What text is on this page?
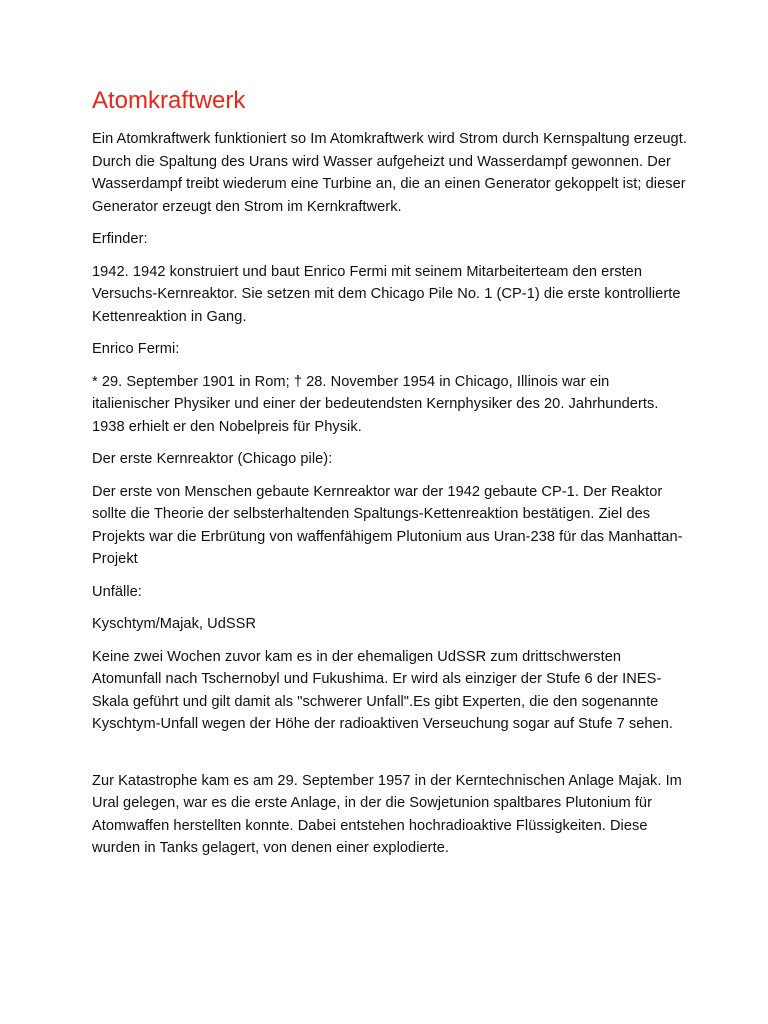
Atomkraftwerk

Ein Atomkraftwerk funktioniert so Im Atomkraftwerk wird Strom durch Kernspaltung erzeugt. Durch die Spaltung des Urans wird Wasser aufgeheizt und Wasserdampf gewonnen. Der Wasserdampf treibt wiederum eine Turbine an, die an einen Generator gekoppelt ist; dieser Generator erzeugt den Strom im Kernkraftwerk.

Erfinder:

1942. 1942 konstruiert und baut Enrico Fermi mit seinem Mitarbeiterteam den ersten Versuchs-Kernreaktor. Sie setzen mit dem Chicago Pile No. 1 (CP-1) die erste kontrollierte Kettenreaktion in Gang.

Enrico Fermi:

* 29. September 1901 in Rom; † 28. November 1954 in Chicago, Illinois war ein italienischer Physiker und einer der bedeutendsten Kernphysiker des 20. Jahrhunderts. 1938 erhielt er den Nobelpreis für Physik.

Der erste Kernreaktor (Chicago pile):

Der erste von Menschen gebaute Kernreaktor war der 1942 gebaute CP-1. Der Reaktor sollte die Theorie der selbsterhaltenden Spaltungs-Kettenreaktion bestätigen. Ziel des Projekts war die Erbrütung von waffenfähigem Plutonium aus Uran-238 für das Manhattan-Projekt

Unfälle:

Kyschtym/Majak, UdSSR

Keine zwei Wochen zuvor kam es in der ehemaligen UdSSR zum drittschwersten Atomunfall nach Tschernobyl und Fukushima. Er wird als einziger der Stufe 6 der INES-Skala geführt und gilt damit als "schwerer Unfall".Es gibt Experten, die den sogenannte Kyschtym-Unfall wegen der Höhe der radioaktiven Verseuchung sogar auf Stufe 7 sehen.

Zur Katastrophe kam es am 29. September 1957 in der Kerntechnischen Anlage Majak. Im Ural gelegen, war es die erste Anlage, in der die Sowjetunion spaltbares Plutonium für Atomwaffen herstellten konnte. Dabei entstehen hochradioaktive Flüssigkeiten. Diese wurden in Tanks gelagert, von denen einer explodierte.
